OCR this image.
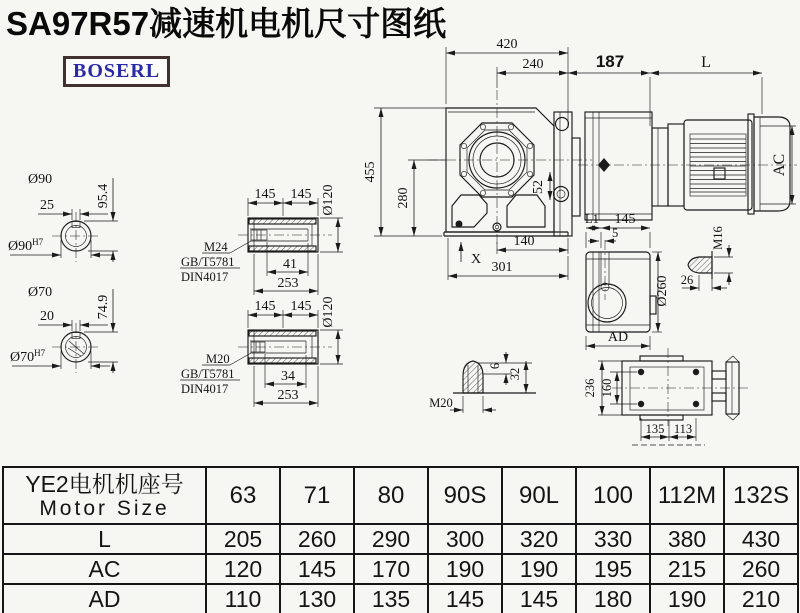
SA97R57减速机电机尺寸图纸
BOSERL
Ø90
25	95.4
$Ø90^{H7}$
Ø70
20	74.9
$Ø70^{H7}$
145 145 Ø120
M24
GB/T5781
DIN4017
41
253
145 145 Ø120
M20
GB/T5781
DIN4017
34
253
420
240
455
280
52
140
301
X
187	L
AC
L1 145
5
Ø260
AD
M16
26
6
32
M20
236 160
135 113
YE2电机机座号
Motor Size	63	71	80	90S	90L	100	112M	132S
L	205	260	290	300	320	330	380	430
AC	120	145	170	190	190	195	215	260
AD	110	130	135	145	145	180	190	210
